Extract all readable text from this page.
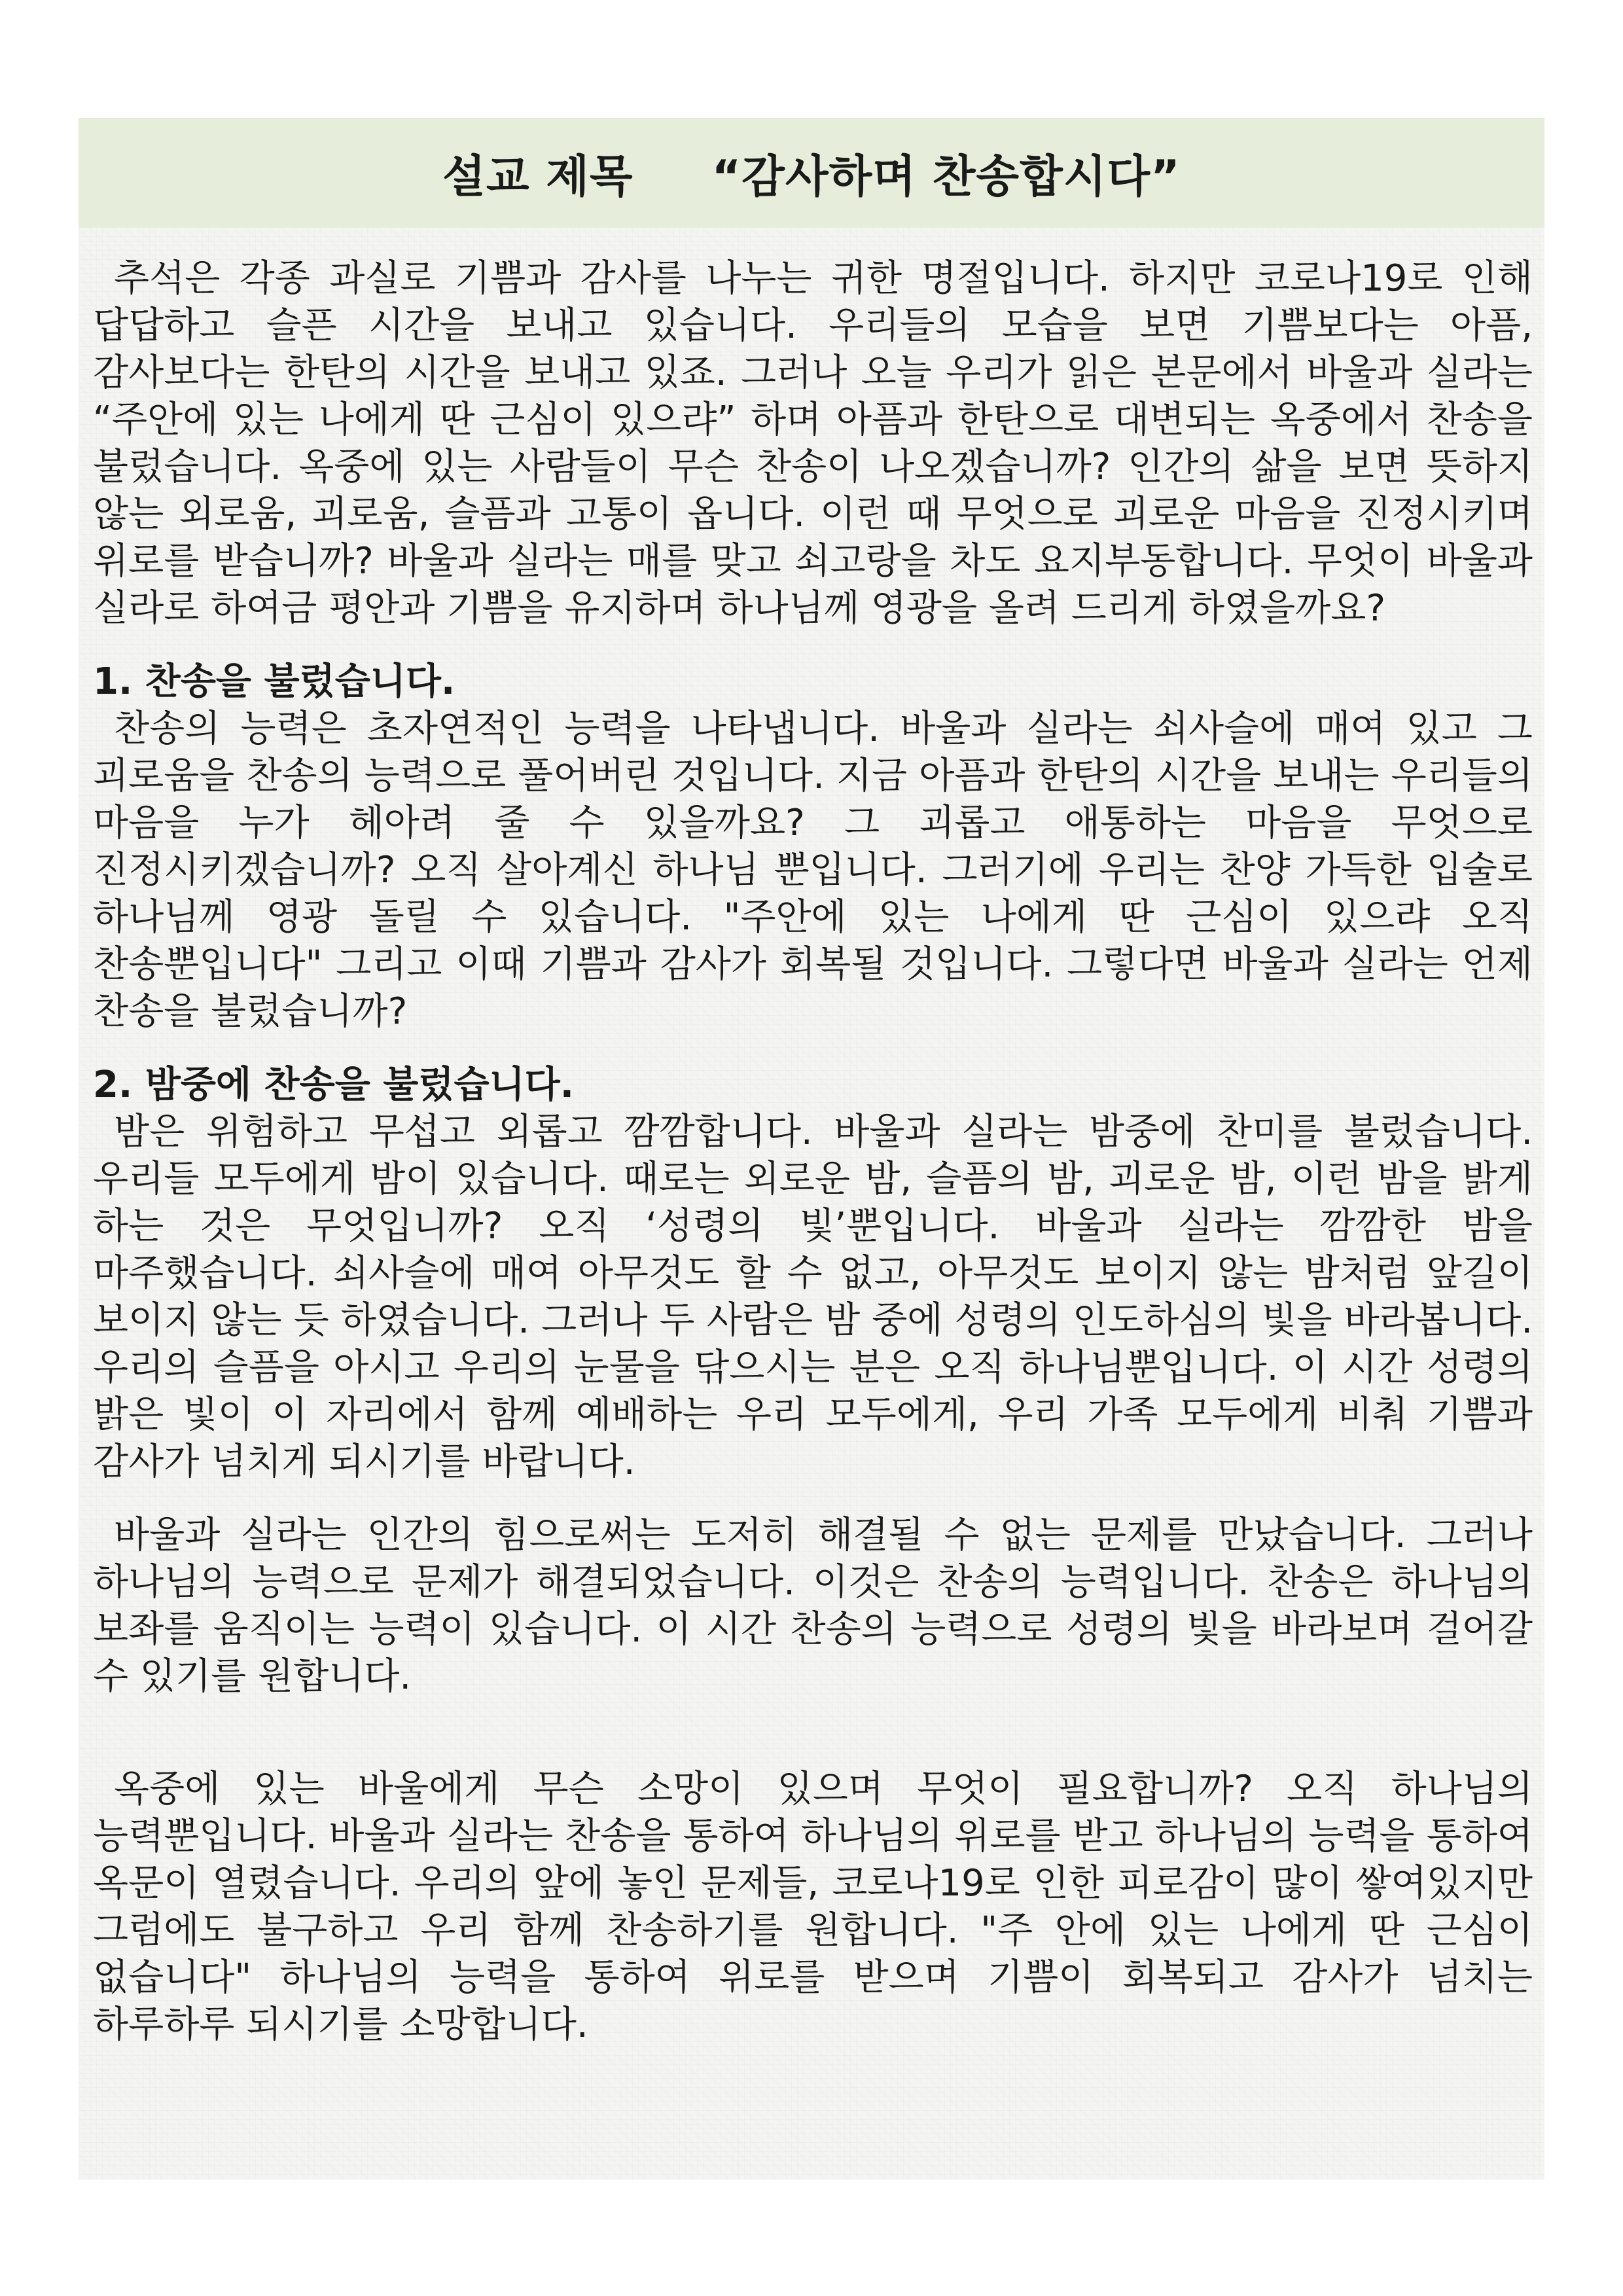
설교 제목 “감사하며 찬송합시다”

추석은 각종 과실로 기쁨과 감사를 나누는 귀한 명절입니다. 하지만 코로나19로 인해 답답하고 슬픈 시간을 보내고 있습니다. 우리들의 모습을 보면 기쁨보다는 아픔, 감사보다는 한탄의 시간을 보내고 있죠. 그러나 오늘 우리가 읽은 본문에서 바울과 실라는 “주안에 있는 나에게 딴 근심이 있으랴” 하며 아픔과 한탄으로 대변되는 옥중에서 찬송을 불렀습니다. 옥중에 있는 사람들이 무슨 찬송이 나오겠습니까? 인간의 삶을 보면 뜻하지 않는 외로움, 괴로움, 슬픔과 고통이 옵니다. 이런 때 무엇으로 괴로운 마음을 진정시키며 위로를 받습니까? 바울과 실라는 매를 맞고 쇠고랑을 차도 요지부동합니다. 무엇이 바울과 실라로 하여금 평안과 기쁨을 유지하며 하나님께 영광을 올려 드리게 하였을까요?

1. 찬송을 불렀습니다.

찬송의 능력은 초자연적인 능력을 나타냅니다. 바울과 실라는 쇠사슬에 매여 있고 그 괴로움을 찬송의 능력으로 풀어버린 것입니다. 지금 아픔과 한탄의 시간을 보내는 우리들의 마음을 누가 헤아려 줄 수 있을까요? 그 괴롭고 애통하는 마음을 무엇으로 진정시키겠습니까? 오직 살아계신 하나님 뿐입니다. 그러기에 우리는 찬양 가득한 입술로 하나님께 영광 돌릴 수 있습니다. "주안에 있는 나에게 딴 근심이 있으랴 오직 찬송뿐입니다" 그리고 이때 기쁨과 감사가 회복될 것입니다. 그렇다면 바울과 실라는 언제 찬송을 불렀습니까?

2. 밤중에 찬송을 불렀습니다.

밤은 위험하고 무섭고 외롭고 깜깜합니다. 바울과 실라는 밤중에 찬미를 불렀습니다. 우리들 모두에게 밤이 있습니다. 때로는 외로운 밤, 슬픔의 밤, 괴로운 밤, 이런 밤을 밝게 하는 것은 무엇입니까? 오직 ‘성령의 빛’뿐입니다. 바울과 실라는 깜깜한 밤을 마주했습니다. 쇠사슬에 매여 아무것도 할 수 없고, 아무것도 보이지 않는 밤처럼 앞길이 보이지 않는 듯 하였습니다. 그러나 두 사람은 밤 중에 성령의 인도하심의 빛을 바라봅니다. 우리의 슬픔을 아시고 우리의 눈물을 닦으시는 분은 오직 하나님뿐입니다. 이 시간 성령의 밝은 빛이 이 자리에서 함께 예배하는 우리 모두에게, 우리 가족 모두에게 비춰 기쁨과 감사가 넘치게 되시기를 바랍니다.

바울과 실라는 인간의 힘으로써는 도저히 해결될 수 없는 문제를 만났습니다. 그러나 하나님의 능력으로 문제가 해결되었습니다. 이것은 찬송의 능력입니다. 찬송은 하나님의 보좌를 움직이는 능력이 있습니다. 이 시간 찬송의 능력으로 성령의 빛을 바라보며 걸어갈 수 있기를 원합니다.

옥중에 있는 바울에게 무슨 소망이 있으며 무엇이 필요합니까? 오직 하나님의 능력뿐입니다. 바울과 실라는 찬송을 통하여 하나님의 위로를 받고 하나님의 능력을 통하여 옥문이 열렸습니다. 우리의 앞에 놓인 문제들, 코로나19로 인한 피로감이 많이 쌓여있지만 그럼에도 불구하고 우리 함께 찬송하기를 원합니다. "주 안에 있는 나에게 딴 근심이 없습니다" 하나님의 능력을 통하여 위로를 받으며 기쁨이 회복되고 감사가 넘치는 하루하루 되시기를 소망합니다.
